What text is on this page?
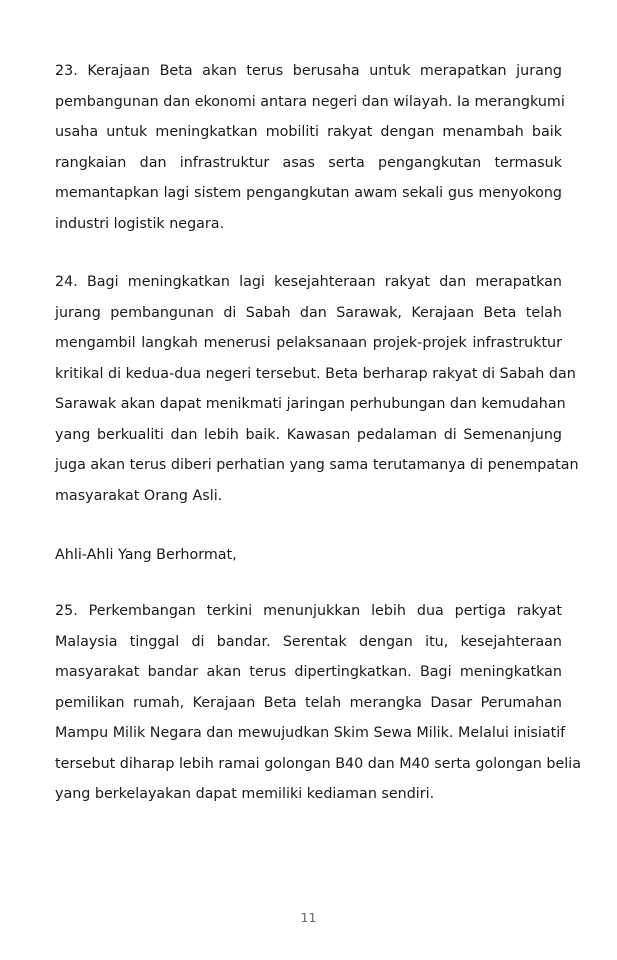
23. Kerajaan Beta akan terus berusaha untuk merapatkan jurang
pembangunan dan ekonomi antara negeri dan wilayah. Ia merangkumi
usaha untuk meningkatkan mobiliti rakyat dengan menambah baik
rangkaian dan infrastruktur asas serta pengangkutan termasuk
memantapkan lagi sistem pengangkutan awam sekali gus menyokong
industri logistik negara.
24. Bagi meningkatkan lagi kesejahteraan rakyat dan merapatkan
jurang pembangunan di Sabah dan Sarawak, Kerajaan Beta telah
mengambil langkah menerusi pelaksanaan projek-projek infrastruktur
kritikal di kedua-dua negeri tersebut. Beta berharap rakyat di Sabah dan
Sarawak akan dapat menikmati jaringan perhubungan dan kemudahan
yang berkualiti dan lebih baik. Kawasan pedalaman di Semenanjung
juga akan terus diberi perhatian yang sama terutamanya di penempatan
masyarakat Orang Asli.
Ahli-Ahli Yang Berhormat,
25. Perkembangan terkini menunjukkan lebih dua pertiga rakyat
Malaysia tinggal di bandar. Serentak dengan itu, kesejahteraan
masyarakat bandar akan terus dipertingkatkan. Bagi meningkatkan
pemilikan rumah, Kerajaan Beta telah merangka Dasar Perumahan
Mampu Milik Negara dan mewujudkan Skim Sewa Milik. Melalui inisiatif
tersebut diharap lebih ramai golongan B40 dan M40 serta golongan belia
yang berkelayakan dapat memiliki kediaman sendiri.
11
